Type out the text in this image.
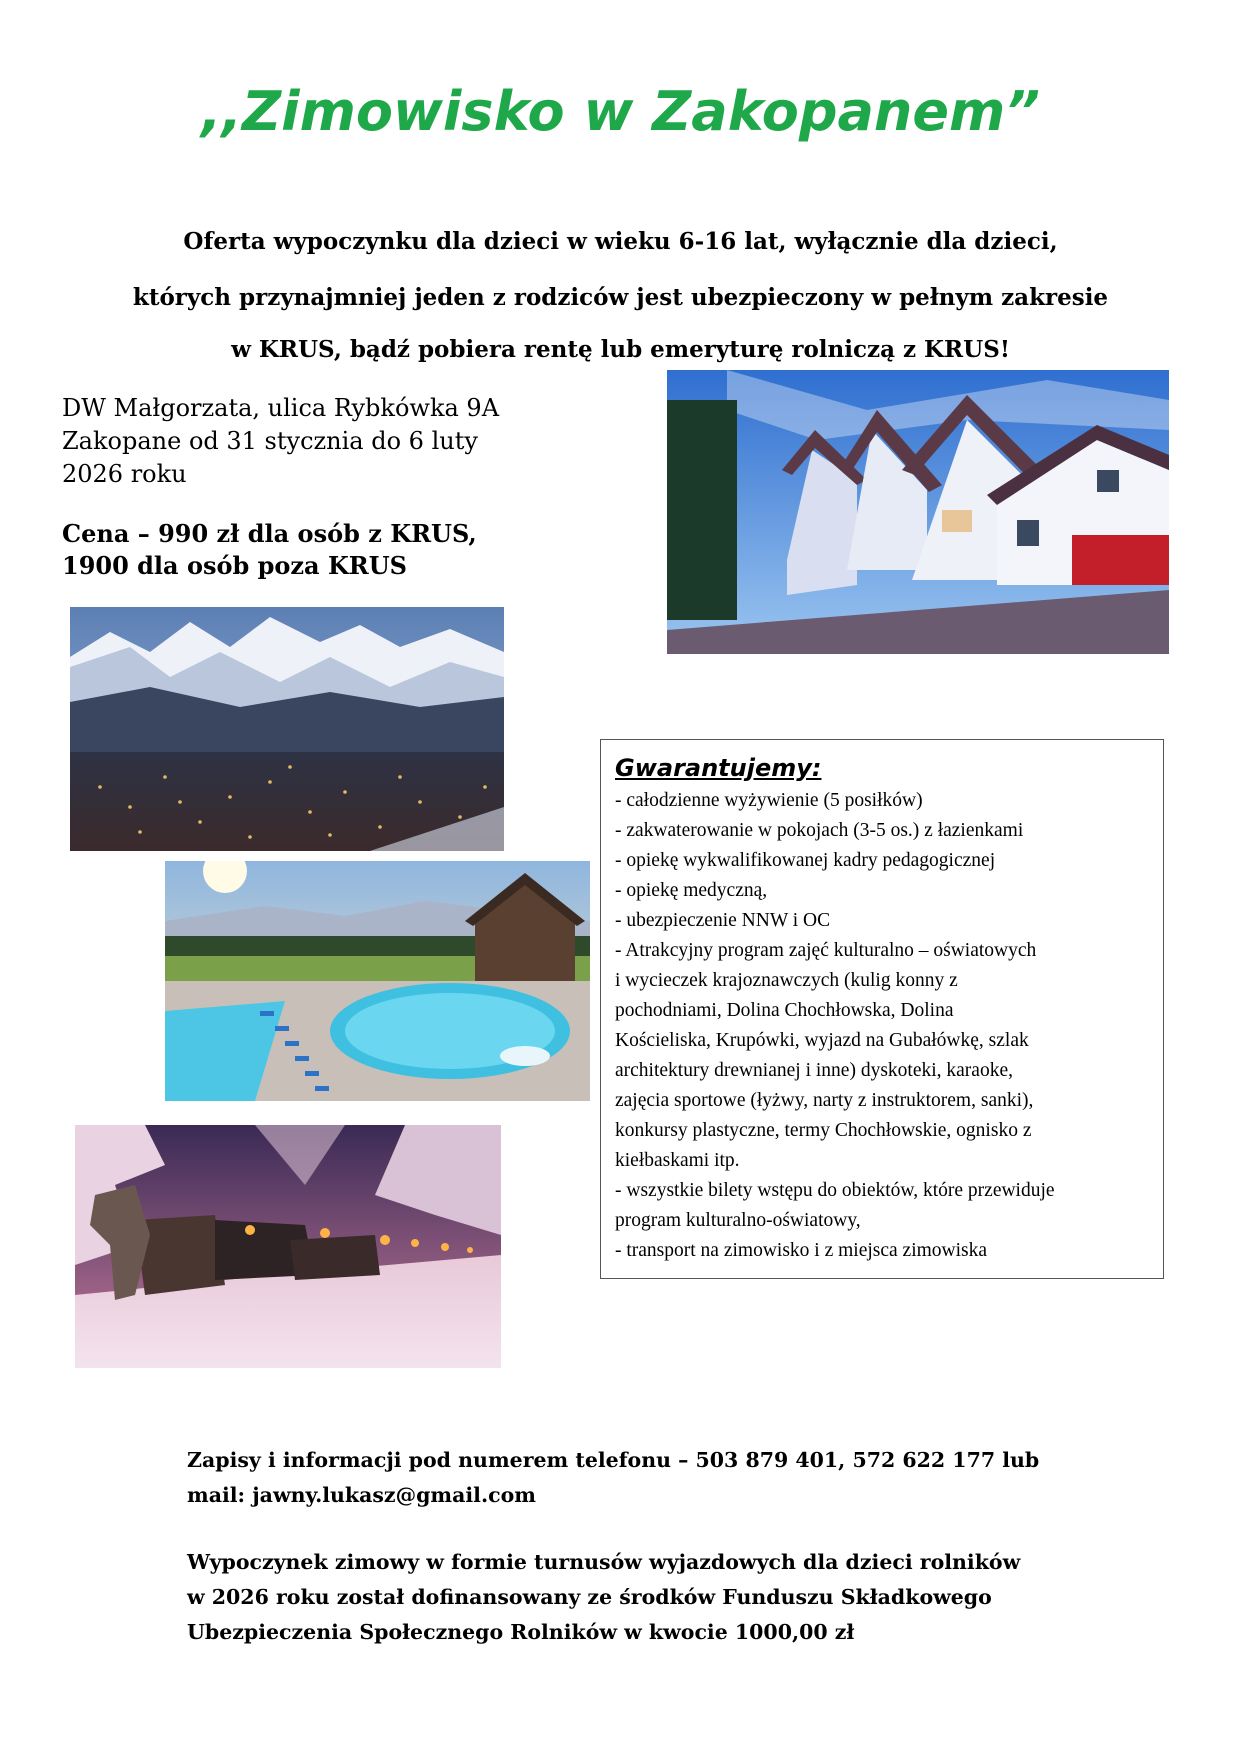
,,Zimowisko w Zakopanem”

Oferta wypoczynku dla dzieci w wieku 6-16 lat, wyłącznie dla dzieci,

których przynajmniej jeden z rodziców jest ubezpieczony w pełnym zakresie

w KRUS, bądź pobiera rentę lub emeryturę rolniczą z KRUS!

DW Małgorzata, ulica Rybkówka 9A

Zakopane od 31 stycznia do 6 luty

2026 roku

Cena – 990 zł dla osób z KRUS,

1900 dla osób poza KRUS

Gwarantujemy:
- całodzienne wyżywienie (5 posiłków)
- zakwaterowanie w pokojach (3-5 os.) z łazienkami
- opiekę wykwalifikowanej kadry pedagogicznej
- opiekę medyczną,
- ubezpieczenie NNW i OC
- Atrakcyjny program zajęć kulturalno – oświatowych
i wycieczek krajoznawczych (kulig konny z
pochodniami, Dolina Chochłowska, Dolina
Kościeliska, Krupówki, wyjazd na Gubałówkę, szlak
architektury drewnianej i inne) dyskoteki, karaoke,
zajęcia sportowe (łyżwy, narty z instruktorem, sanki),
konkursy plastyczne, termy Chochłowskie, ognisko z
kiełbaskami itp.
- wszystkie bilety wstępu do obiektów, które przewiduje
program kulturalno-oświatowy,
- transport na zimowisko i z miejsca zimowiska

Zapisy i informacji pod numerem telefonu – 503 879 401, 572 622 177 lub

mail: jawny.lukasz@gmail.com

Wypoczynek zimowy w formie turnusów wyjazdowych dla dzieci rolników

w 2026 roku został dofinansowany ze środków Funduszu Składkowego

Ubezpieczenia Społecznego Rolników w kwocie 1000,00 zł
